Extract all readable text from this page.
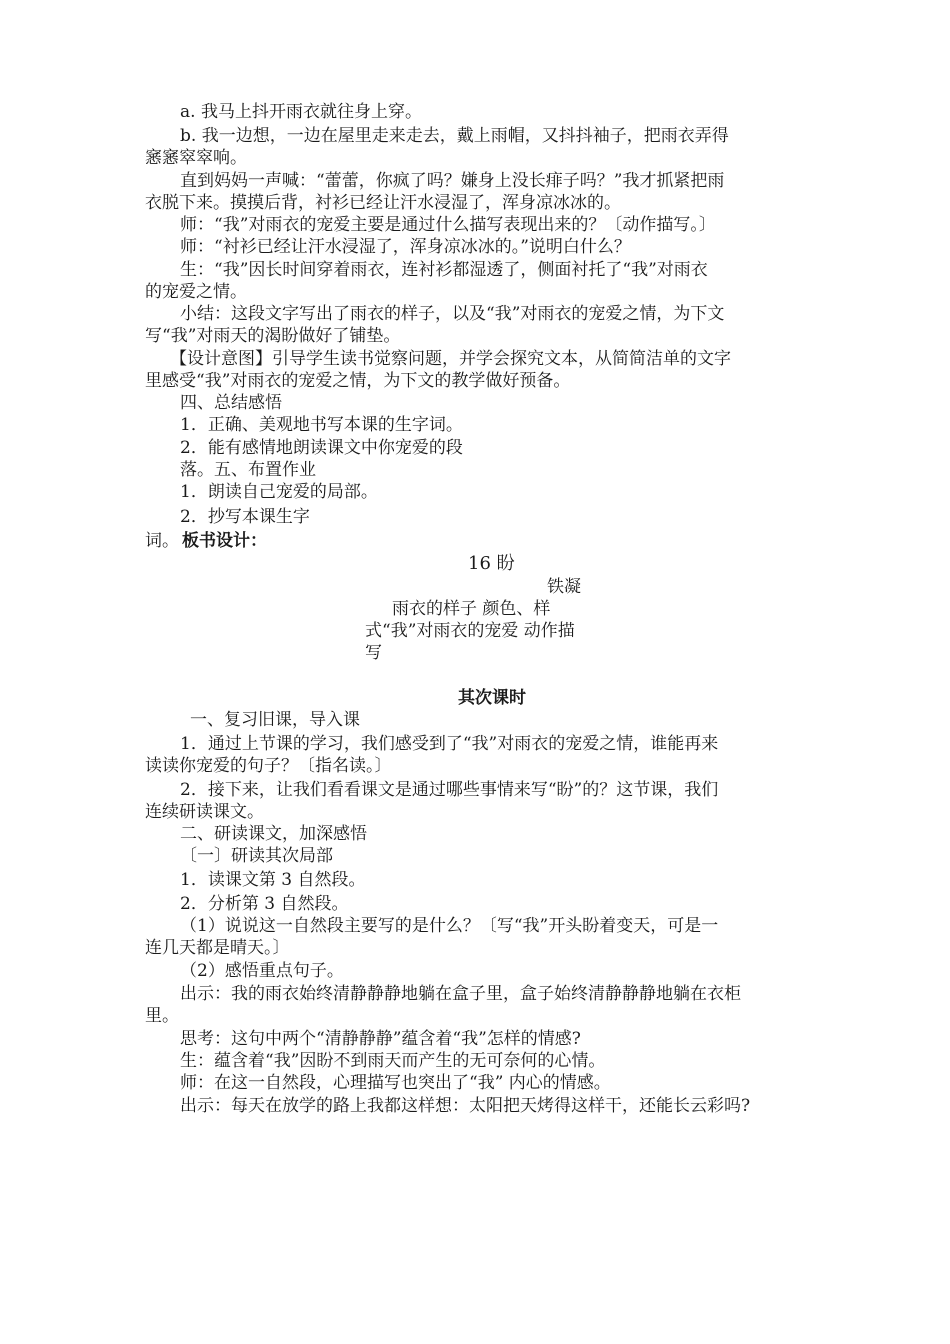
a. 我马上抖开雨衣就往身上穿。
b. 我一边想，一边在屋里走来走去，戴上雨帽，又抖抖袖子，把雨衣弄得
窸窸窣窣响。
直到妈妈一声喊：“蕾蕾，你疯了吗？嫌身上没长痱子吗？”我才抓紧把雨
衣脱下来。摸摸后背，衬衫已经让汗水浸湿了，浑身凉冰冰的。
师：“我”对雨衣的宠爱主要是通过什么描写表现出来的？〔动作描写。〕
师：“衬衫已经让汗水浸湿了，浑身凉冰冰的。”说明白什么？
生：“我”因长时间穿着雨衣，连衬衫都湿透了，侧面衬托了“我”对雨衣
的宠爱之情。
小结：这段文字写出了雨衣的样子，以及“我”对雨衣的宠爱之情，为下文
写“我”对雨天的渴盼做好了铺垫。
【设计意图】引导学生读书觉察问题，并学会探究文本，从简简洁单的文字
里感受“我”对雨衣的宠爱之情，为下文的教学做好预备。
四、总结感悟
1．正确、美观地书写本课的生字词。
2．能有感情地朗读课文中你宠爱的段
落。五、布置作业
1．朗读自己宠爱的局部。
2．抄写本课生字
词。 板书设计：
16 盼
铁凝
雨衣的样子 颜色、样
式“我”对雨衣的宠爱 动作描
写
其次课时
一、复习旧课，导入课
1．通过上节课的学习，我们感受到了“我”对雨衣的宠爱之情，谁能再来
读读你宠爱的句子？〔指名读。〕
2．接下来，让我们看看课文是通过哪些事情来写“盼”的？这节课，我们
连续研读课文。
二、研读课文，加深感悟
〔一〕研读其次局部
1．读课文第 3 自然段。
2．分析第 3 自然段。
（1）说说这一自然段主要写的是什么？〔写“我”开头盼着变天，可是一
连几天都是晴天。〕
（2）感悟重点句子。
出示：我的雨衣始终清静静静地躺在盒子里，盒子始终清静静静地躺在衣柜
里。
思考：这句中两个“清静静静”蕴含着“我”怎样的情感?
生：蕴含着“我”因盼不到雨天而产生的无可奈何的心情。
师：在这一自然段，心理描写也突出了“我” 内心的情感。
出示：每天在放学的路上我都这样想：太阳把天烤得这样干，还能长云彩吗?
